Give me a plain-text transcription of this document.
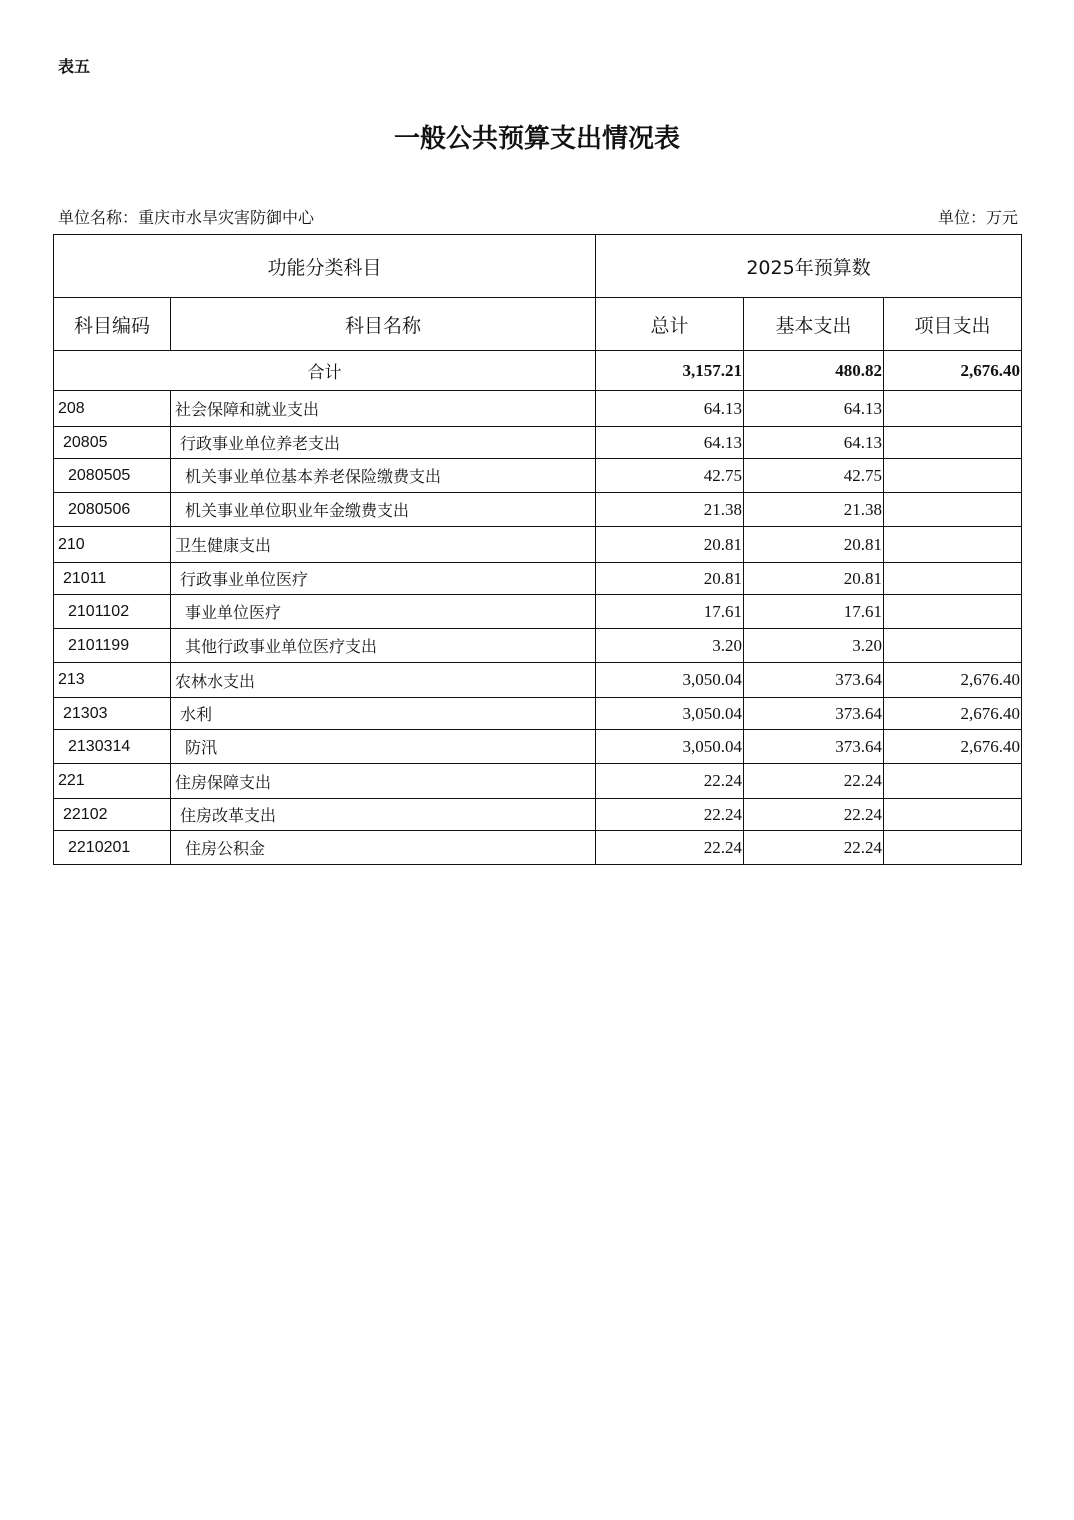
表五
一般公共预算支出情况表
单位名称：重庆市水旱灾害防御中心	单位：万元
功能分类科目		2025年预算数		
科目编码	科目名称	总计	基本支出	项目支出
合计		3,157.21	480.82	2,676.40
208	社会保障和就业支出	64.13	64.13	
20805	行政事业单位养老支出	64.13	64.13	
2080505	机关事业单位基本养老保险缴费支出	42.75	42.75	
2080506	机关事业单位职业年金缴费支出	21.38	21.38	
210	卫生健康支出	20.81	20.81	
21011	行政事业单位医疗	20.81	20.81	
2101102	事业单位医疗	17.61	17.61	
2101199	其他行政事业单位医疗支出	3.20	3.20	
213	农林水支出	3,050.04	373.64	2,676.40
21303	水利	3,050.04	373.64	2,676.40
2130314	防汛	3,050.04	373.64	2,676.40
221	住房保障支出	22.24	22.24	
22102	住房改革支出	22.24	22.24	
2210201	住房公积金	22.24	22.24	
